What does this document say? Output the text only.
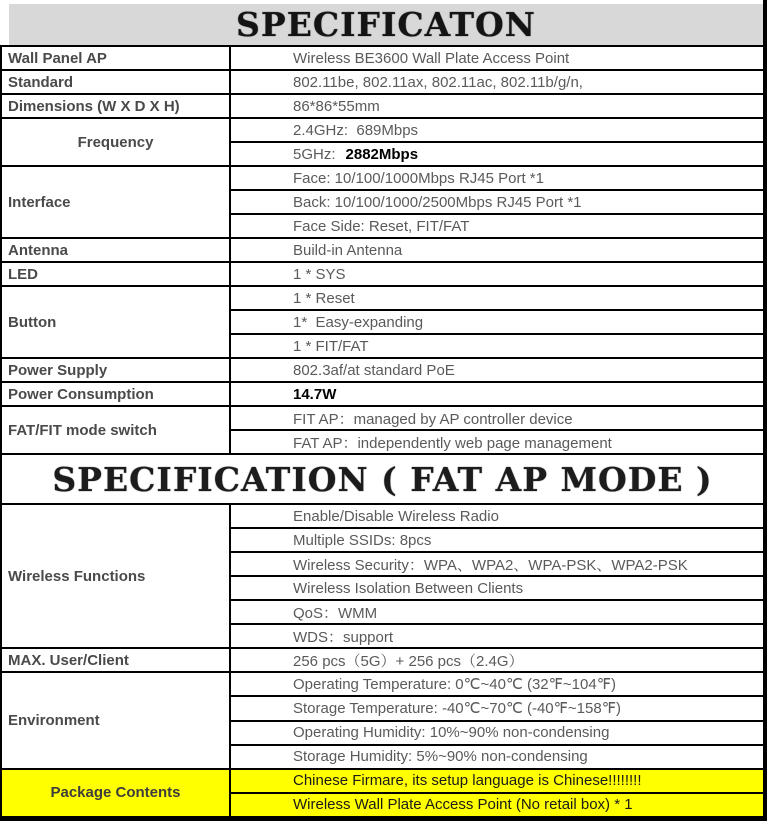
SPECIFICATON	

Wall Panel AP	Wireless BE3600 Wall Plate Access Point
Standard	802.11be, 802.11ax, 802.11ac, 802.11b/g/n,
Dimensions (W X D X H)	86*86*55mm
Frequency	2.4GHz:  689Mbps
	5GHz: 2882Mbps
Interface	Face: 10/100/1000Mbps RJ45 Port *1
	Back: 10/100/1000/2500Mbps RJ45 Port *1
	Face Side: Reset, FIT/FAT
Antenna	Build-in Antenna
LED	1 * SYS
Button	1 * Reset
	1*  Easy-expanding
	1 * FIT/FAT
Power Supply	802.3af/at standard PoE
Power Consumption	14.7W
FAT/FIT mode switch	FIT AP：managed by AP controller device
	FAT AP：independently web page management
SPECIFICATION ( FAT AP MODE )	
Wireless Functions	Enable/Disable Wireless Radio
	Multiple SSIDs: 8pcs
	Wireless Security：WPA、WPA2、WPA-PSK、WPA2-PSK
	Wireless Isolation Between Clients
	QoS：WMM
	WDS：support
MAX. User/Client	256 pcs（5G）+ 256 pcs（2.4G）
Environment	Operating Temperature: 0℃~40℃ (32℉~104℉)
	Storage Temperature: -40℃~70℃ (-40℉~158℉)
	Operating Humidity: 10%~90% non-condensing
	Storage Humidity: 5%~90% non-condensing
Package Contents	Chinese Firmare, its setup language is Chinese!!!!!!!!
	Wireless Wall Plate Access Point (No retail box) * 1
